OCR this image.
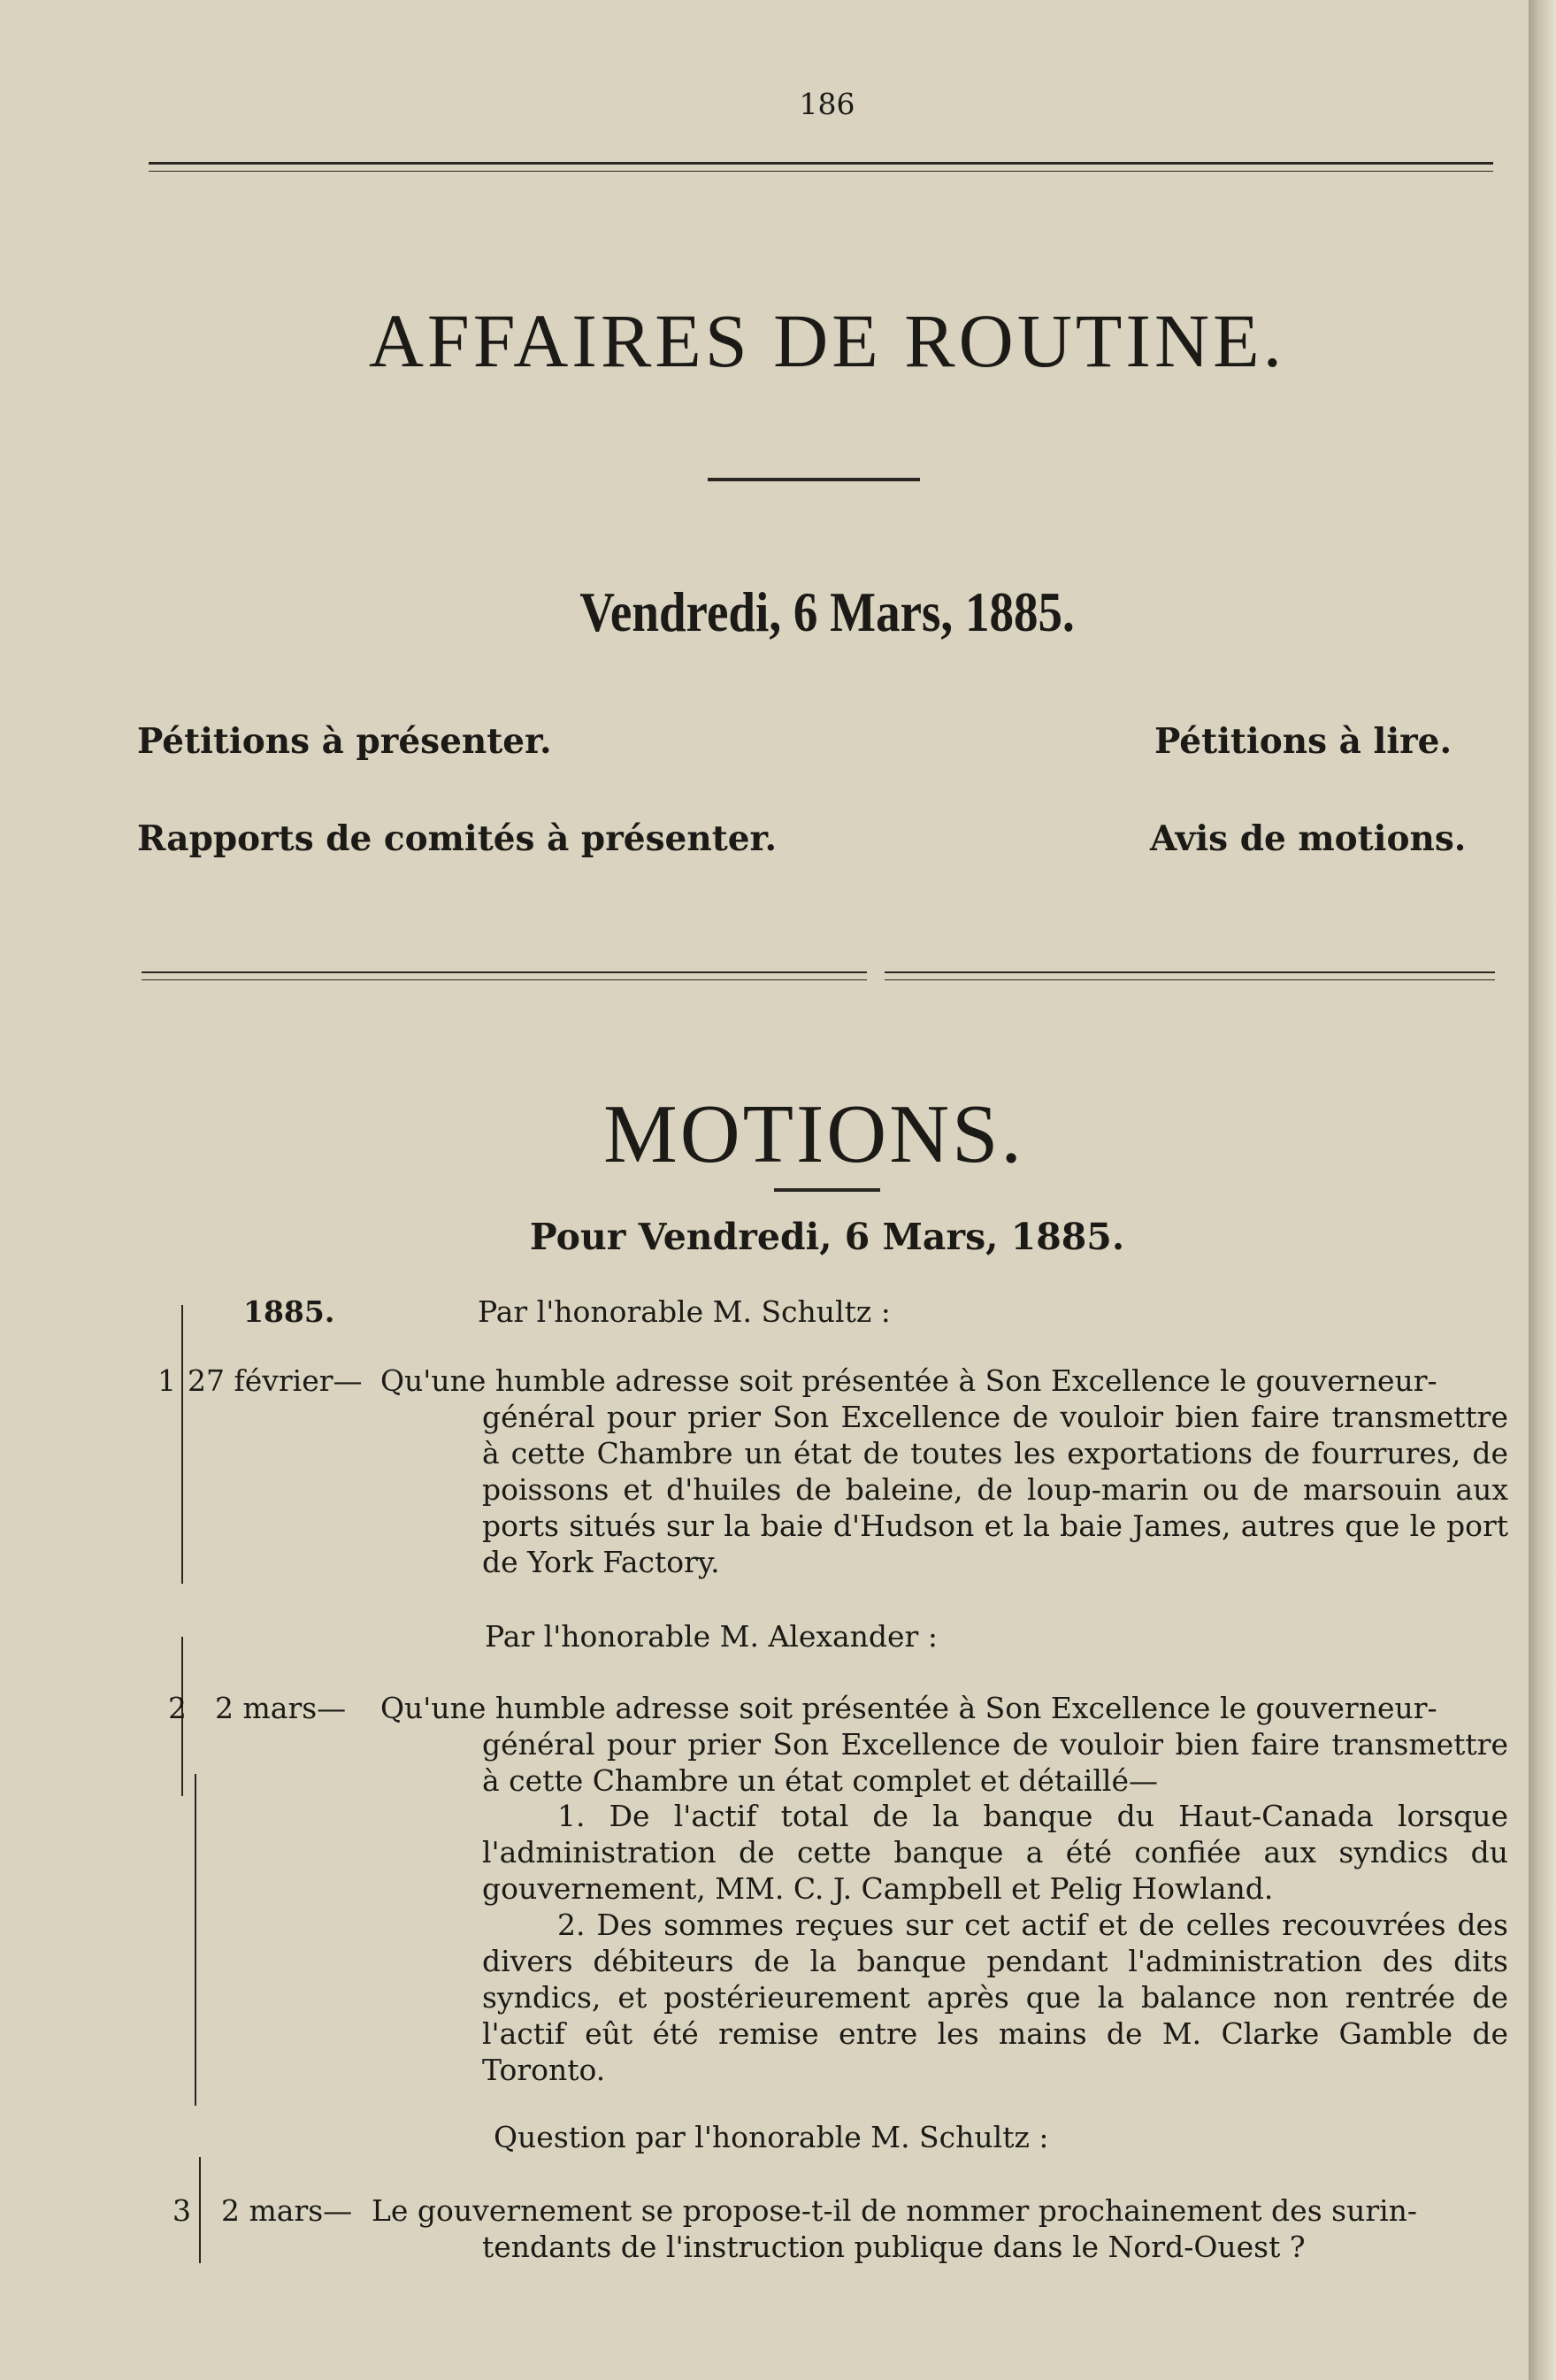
186
AFFAIRES DE ROUTINE.
Vendredi, 6 Mars, 1885.
Pétitions à présenter.	Pétitions à lire.
Rapports de comités à présenter.	Avis de motions.
MOTIONS.
Pour Vendredi, 6 Mars, 1885.
1885.	Par l'honorable M. Schultz :
1 27 février— Qu'une humble adresse soit présentée à Son Excellence le gouverneur-
général pour prier Son Excellence de vouloir bien faire transmettre à cette Chambre un état de toutes les exportations de fourrures, de poissons et d'huiles de baleine, de loup-marin ou de marsouin aux ports situés sur la baie d'Hudson et la baie James, autres que le port de York Factory.
Par l'honorable M. Alexander :
2 2 mars— Qu'une humble adresse soit présentée à Son Excellence le gouverneur-
général pour prier Son Excellence de vouloir bien faire transmettre à cette Chambre un état complet et détaillé—
1. De l'actif total de la banque du Haut-Canada lorsque l'administration de cette banque a été confiée aux syndics du gouvernement, MM. C. J. Campbell et Pelig Howland.
2. Des sommes reçues sur cet actif et de celles recouvrées des divers débiteurs de la banque pendant l'administration des dits syndics, et postérieurement après que la balance non rentrée de l'actif eût été remise entre les mains de M. Clarke Gamble de Toronto.
Question par l'honorable M. Schultz :
3 2 mars— Le gouvernement se propose-t-il de nommer prochainement des surin-
tendants de l'instruction publique dans le Nord-Ouest ?
